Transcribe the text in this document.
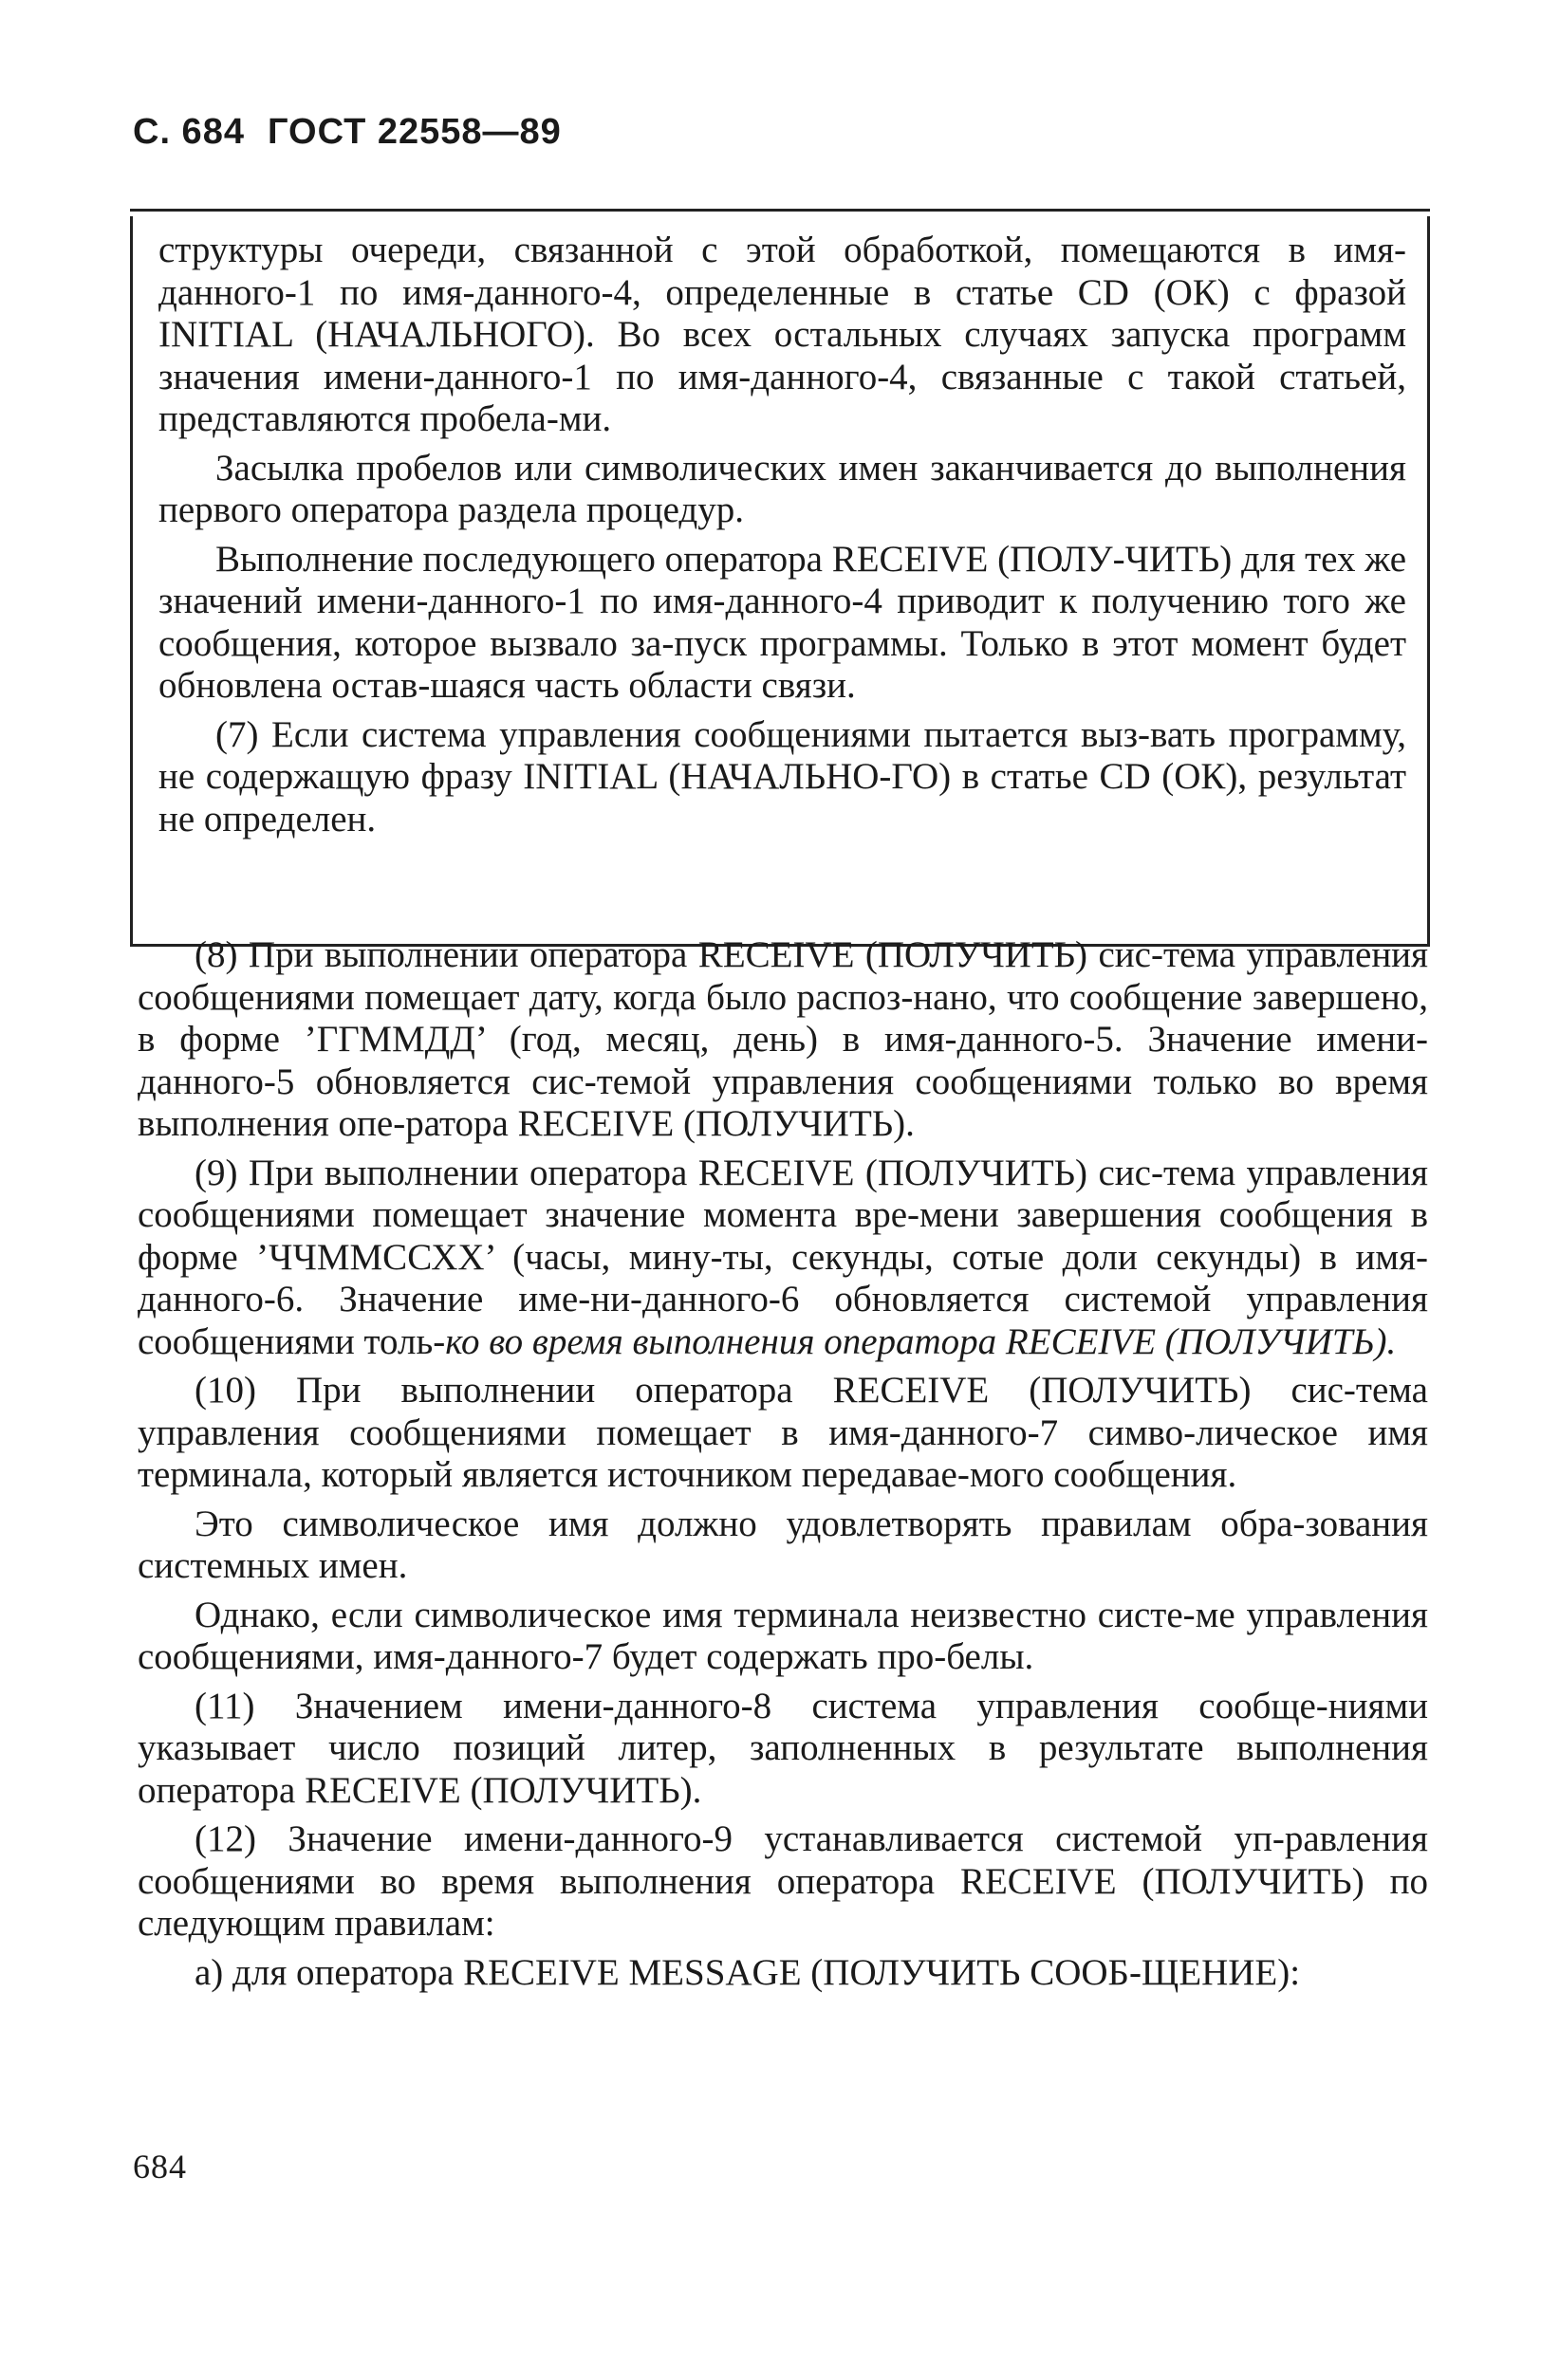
С. 684 ГОСТ 22558—89

структуры очереди, связанной с этой обработкой, помещаются в имя-данного-1 по имя-данного-4, определенные в статье CD (ОК) с фразой INITIAL (НАЧАЛЬНОГО). Во всех остальных случаях запуска программ значения имени-данного-1 по имя-данного-4, связанные с такой статьей, представляются пробела-ми.

Засылка пробелов или символических имен заканчивается до выполнения первого оператора раздела процедур.

Выполнение последующего оператора RECEIVE (ПОЛУ-ЧИТЬ) для тех же значений имени-данного-1 по имя-данного-4 приводит к получению того же сообщения, которое вызвало за-пуск программы. Только в этот момент будет обновлена остав-шаяся часть области связи.

(7) Если система управления сообщениями пытается выз-вать программу, не содержащую фразу INITIAL (НАЧАЛЬНО-ГО) в статье CD (ОК), результат не определен.

(8) При выполнении оператора RECEIVE (ПОЛУЧИТЬ) сис-тема управления сообщениями помещает дату, когда было распоз-нано, что сообщение завершено, в форме ’ГГММДД’ (год, месяц, день) в имя-данного-5. Значение имени-данного-5 обновляется сис-темой управления сообщениями только во время выполнения опе-ратора RECEIVE (ПОЛУЧИТЬ).

(9) При выполнении оператора RECEIVE (ПОЛУЧИТЬ) сис-тема управления сообщениями помещает значение момента вре-мени завершения сообщения в форме ’ЧЧММССХХ’ (часы, мину-ты, секунды, сотые доли секунды) в имя-данного-6. Значение име-ни-данного-6 обновляется системой управления сообщениями толь-ко во время выполнения оператора RECEIVE (ПОЛУЧИТЬ).

(10) При выполнении оператора RECEIVE (ПОЛУЧИТЬ) сис-тема управления сообщениями помещает в имя-данного-7 симво-лическое имя терминала, который является источником передавае-мого сообщения.

Это символическое имя должно удовлетворять правилам обра-зования системных имен.

Однако, если символическое имя терминала неизвестно систе-ме управления сообщениями, имя-данного-7 будет содержать про-белы.

(11) Значением имени-данного-8 система управления сообще-ниями указывает число позиций литер, заполненных в результате выполнения оператора RECEIVE (ПОЛУЧИТЬ).

(12) Значение имени-данного-9 устанавливается системой уп-равления сообщениями во время выполнения оператора RECEIVE (ПОЛУЧИТЬ) по следующим правилам:

а) для оператора RECEIVE MESSAGE (ПОЛУЧИТЬ СООБ-ЩЕНИЕ):

684
